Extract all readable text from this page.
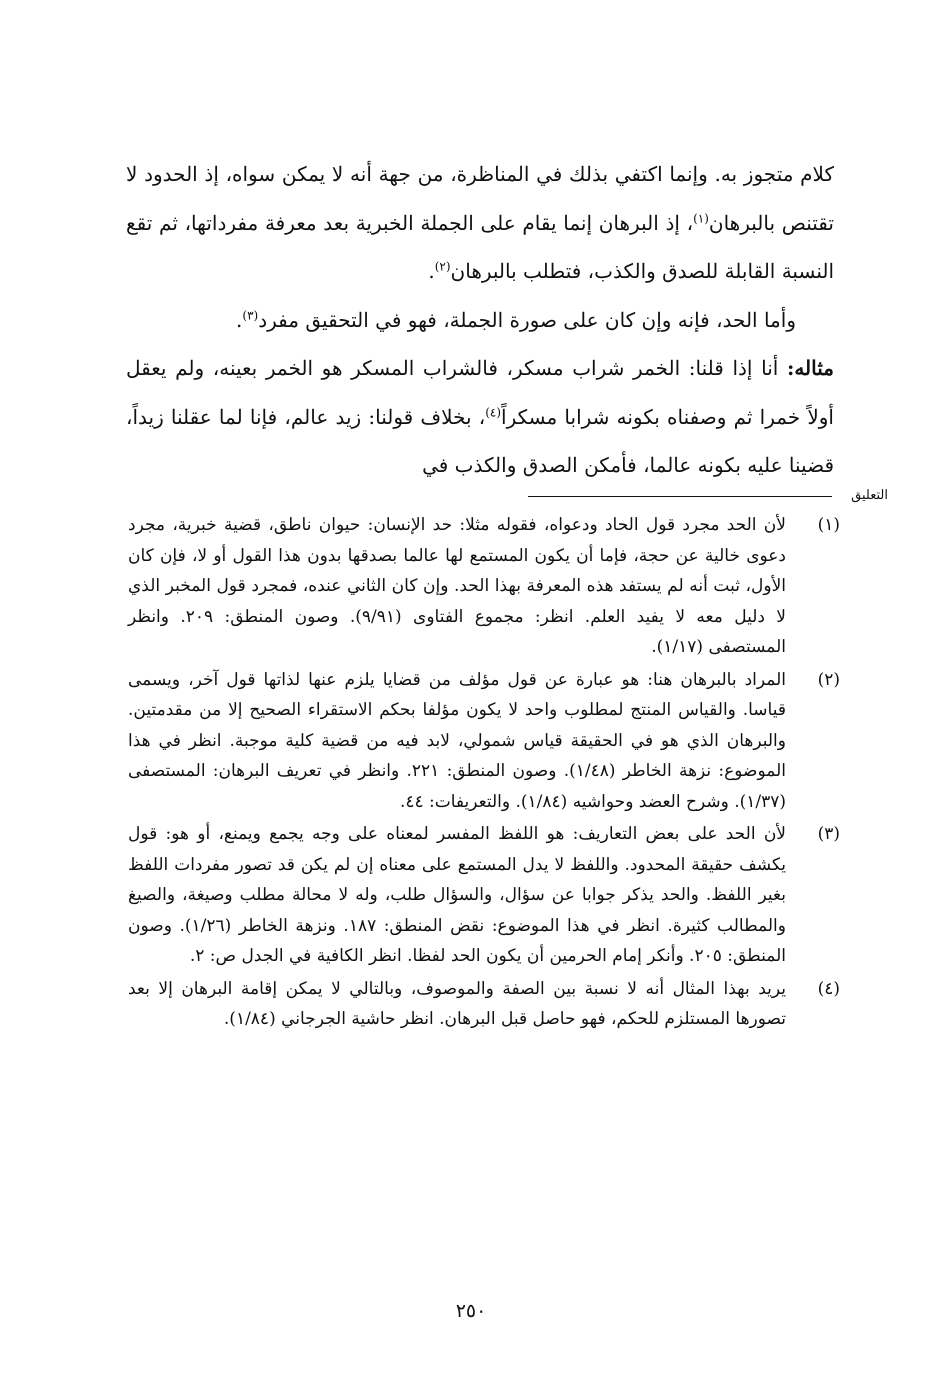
كلام متجوز به. وإنما اكتفي بذلك في المناظرة، من جهة أنه لا يمكن سواه، إذ الحدود لا تقتنص بالبرهان$^{(١)}$، إذ البرهان إنما يقام على الجملة الخبرية بعد معرفة مفرداتها، ثم تقع النسبة القابلة للصدق والكذب، فتطلب بالبرهان$^{(٢)}$.

وأما الحد، فإنه وإن كان على صورة الجملة، فهو في التحقيق مفرد$^{(٣)}$.

مثاله: أنا إذا قلنا: الخمر شراب مسكر، فالشراب المسكر هو الخمر بعينه، ولم يعقل أولاً خمرا ثم وصفناه بكونه شرابا مسكراً$^{(٤)}$، بخلاف قولنا: زيد عالم، فإنا لما عقلنا زيداً، قضينا عليه بكونه عالما، فأمكن الصدق والكذب في

التعليق
(١)
لأن الحد مجرد قول الحاد ودعواه، فقوله مثلا: حد الإنسان: حيوان ناطق، قضية خبرية، مجرد دعوى خالية عن حجة، فإما أن يكون المستمع لها عالما بصدقها بدون هذا القول أو لا، فإن كان الأول، ثبت أنه لم يستفد هذه المعرفة بهذا الحد. وإن كان الثاني عنده، فمجرد قول المخبر الذي لا دليل معه لا يفيد العلم. انظر: مجموع الفتاوى (٩/٩١). وصون المنطق: ٢٠٩. وانظر المستصفى (١/١٧).
(٢)
المراد بالبرهان هنا: هو عبارة عن قول مؤلف من قضايا يلزم عنها لذاتها قول آخر، ويسمى قياسا. والقياس المنتج لمطلوب واحد لا يكون مؤلفا بحكم الاستقراء الصحيح إلا من مقدمتين. والبرهان الذي هو في الحقيقة قياس شمولي، لابد فيه من قضية كلية موجبة. انظر في هذا الموضوع: نزهة الخاطر (١/٤٨). وصون المنطق: ٢٢١. وانظر في تعريف البرهان: المستصفى (١/٣٧). وشرح العضد وحواشيه (١/٨٤). والتعريفات: ٤٤.
(٣)
لأن الحد على بعض التعاريف: هو اللفظ المفسر لمعناه على وجه يجمع ويمنع، أو هو: قول يكشف حقيقة المحدود. واللفظ لا يدل المستمع على معناه إن لم يكن قد تصور مفردات اللفظ بغير اللفظ. والحد يذكر جوابا عن سؤال، والسؤال طلب، وله لا محالة مطلب وصيغة، والصيغ والمطالب كثيرة. انظر في هذا الموضوع: نقض المنطق: ١٨٧. ونزهة الخاطر (١/٢٦). وصون المنطق: ٢٠٥. وأنكر إمام الحرمين أن يكون الحد لفظا. انظر الكافية في الجدل ص: ٢.
(٤)
يريد بهذا المثال أنه لا نسبة بين الصفة والموصوف، وبالتالي لا يمكن إقامة البرهان إلا بعد تصورها المستلزم للحكم، فهو حاصل قبل البرهان. انظر حاشية الجرجاني (١/٨٤).
٢٥٠
